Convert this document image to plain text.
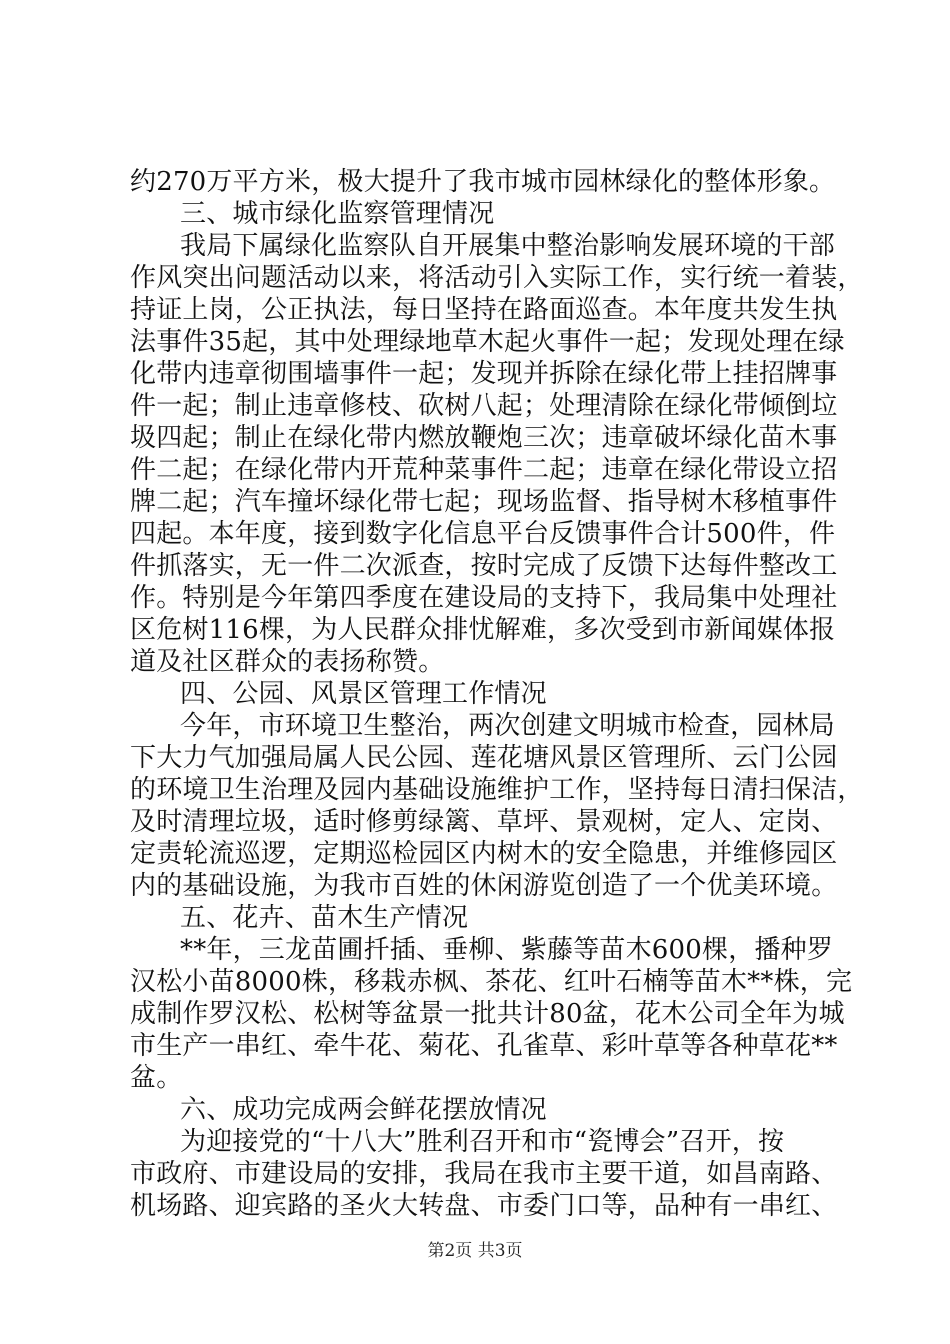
约270万平方米，极大提升了我市城市园林绿化的整体形象。
三、城市绿化监察管理情况
我局下属绿化监察队自开展集中整治影响发展环境的干部
作风突出问题活动以来，将活动引入实际工作，实行统一着装，
持证上岗，公正执法，每日坚持在路面巡查。本年度共发生执
法事件35起，其中处理绿地草木起火事件一起；发现处理在绿
化带内违章彻围墙事件一起；发现并拆除在绿化带上挂招牌事
件一起；制止违章修枝、砍树八起；处理清除在绿化带倾倒垃
圾四起；制止在绿化带内燃放鞭炮三次；违章破坏绿化苗木事
件二起；在绿化带内开荒种菜事件二起；违章在绿化带设立招
牌二起；汽车撞坏绿化带七起；现场监督、指导树木移植事件
四起。本年度，接到数字化信息平台反馈事件合计500件，件
件抓落实，无一件二次派查，按时完成了反馈下达每件整改工
作。特别是今年第四季度在建设局的支持下，我局集中处理社
区危树116棵，为人民群众排忧解难，多次受到市新闻媒体报
道及社区群众的表扬称赞。
四、公园、风景区管理工作情况
今年，市环境卫生整治，两次创建文明城市检查，园林局
下大力气加强局属人民公园、莲花塘风景区管理所、云门公园
的环境卫生治理及园内基础设施维护工作，坚持每日清扫保洁，
及时清理垃圾，适时修剪绿篱、草坪、景观树，定人、定岗、
定责轮流巡逻，定期巡检园区内树木的安全隐患，并维修园区
内的基础设施，为我市百姓的休闲游览创造了一个优美环境。
五、花卉、苗木生产情况
**年，三龙苗圃扦插、垂柳、紫藤等苗木600棵，播种罗
汉松小苗8000株，移栽赤枫、茶花、红叶石楠等苗木**株，完
成制作罗汉松、松树等盆景一批共计80盆，花木公司全年为城
市生产一串红、牵牛花、菊花、孔雀草、彩叶草等各种草花**
盆。
六、成功完成两会鲜花摆放情况
为迎接党的“十八大”胜利召开和市“瓷博会”召开，按
市政府、市建设局的安排，我局在我市主要干道，如昌南路、
机场路、迎宾路的圣火大转盘、市委门口等，品种有一串红、
第2页 共3页
